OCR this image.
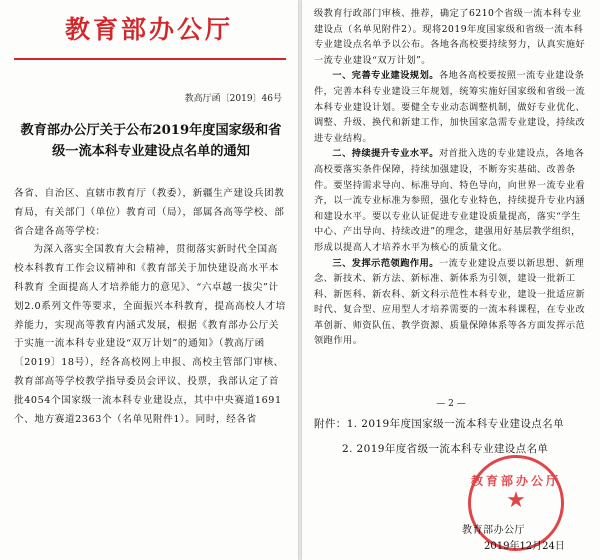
教育部办公厅
教高厅函〔2019〕46号
教育部办公厅关于公布2019年度国家级和省级一流本科专业建设点名单的通知

各省、自治区、直辖市教育厅（教委），新疆生产建设兵团教育局，有关部门（单位）教育司（局），部属各高等学校、部省合建各高等学校：

为深入落实全国教育大会精神，贯彻落实新时代全国高校本科教育工作会议精神和《教育部关于加快建设高水平本科教育 全面提高人才培养能力的意见》、“六卓越一拔尖”计划2.0系列文件等要求，全面振兴本科教育，提高高校人才培养能力，实现高等教育内涵式发展，根据《教育部办公厅关于实施一流本科专业建设“双万计划”的通知》（教高厅函〔2019〕18号），经各高校网上申报、高校主管部门审核、教育部高等学校教学指导委员会评议、投票，我部认定了首批4054个国家级一流本科专业建设点，其中中央赛道1691个、地方赛道2363个（名单见附件1）。同时，经各省

级教育行政部门审核、推荐，确定了6210个省级一流本科专业建设点（名单见附件2）。现将2019年度国家级和省级一流本科专业建设点名单予以公布。各地各高校要持续努力，认真实施好一流专业建设“双万计划”。

一、完善专业建设规划。各地各高校要按照一流专业建设条件，完善本科专业建设三年规划，统筹实施好国家级和省级一流本科专业建设计划。要健全专业动态调整机制，做好专业优化、调整、升级、换代和新建工作，加快国家急需专业建设，持续改进专业结构。

二、持续提升专业水平。对首批入选的专业建设点，各地各高校要落实条件保障，持续加强建设，不断夯实基础、改善条件。要坚持需求导向、标准导向、特色导向，向世界一流专业看齐，以一流专业标准为参照，强化专业特色，持续提升专业内涵和建设水平。要以专业认证促进专业建设质量提高，落实“学生中心、产出导向、持续改进”的理念，建强用好基层教学组织，形成以提高人才培养水平为核心的质量文化。

三、发挥示范领跑作用。一流专业建设点要以新思想、新理念、新技术、新方法、新标准、新体系为引领，建设一批新工科、新医科、新农科、新文科示范性本科专业，建设一批适应新时代、复合型、应用型人才培养需要的一流本科课程，在专业改革创新、师资队伍、教学资源、质量保障体系等各方面发挥示范领跑作用。

— 2 —
附件：1. 2019年度国家级一流本科专业建设点名单
2. 2019年度省级一流本科专业建设点名单
教育部办公厅
★
教育部办公厅
2019年12月24日
